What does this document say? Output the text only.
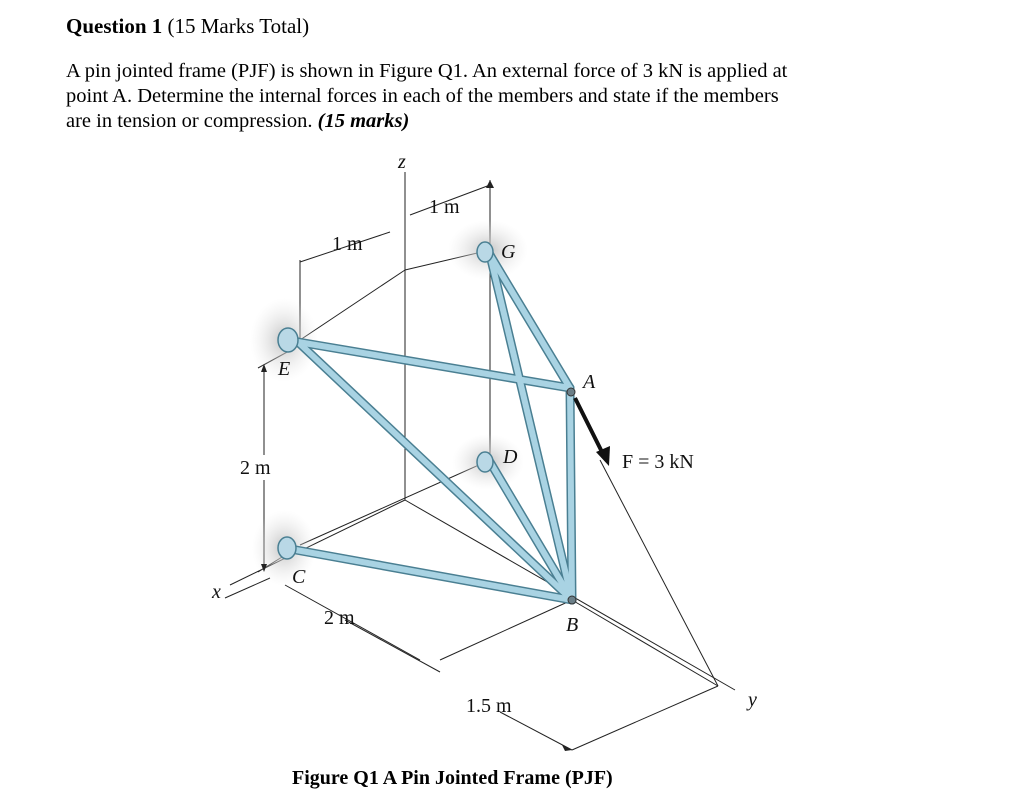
Question 1 (15 Marks Total)
A pin jointed frame (PJF) is shown in Figure Q1. An external force of 3 kN is applied at
point A. Determine the internal forces in each of the members and state if the members
are in tension or compression. (15 marks)
z
x
y
A
B
C
D
E
G
1 m
1 m
2 m
2 m
1.5 m
F = 3 kN
Figure Q1 A Pin Jointed Frame (PJF)
